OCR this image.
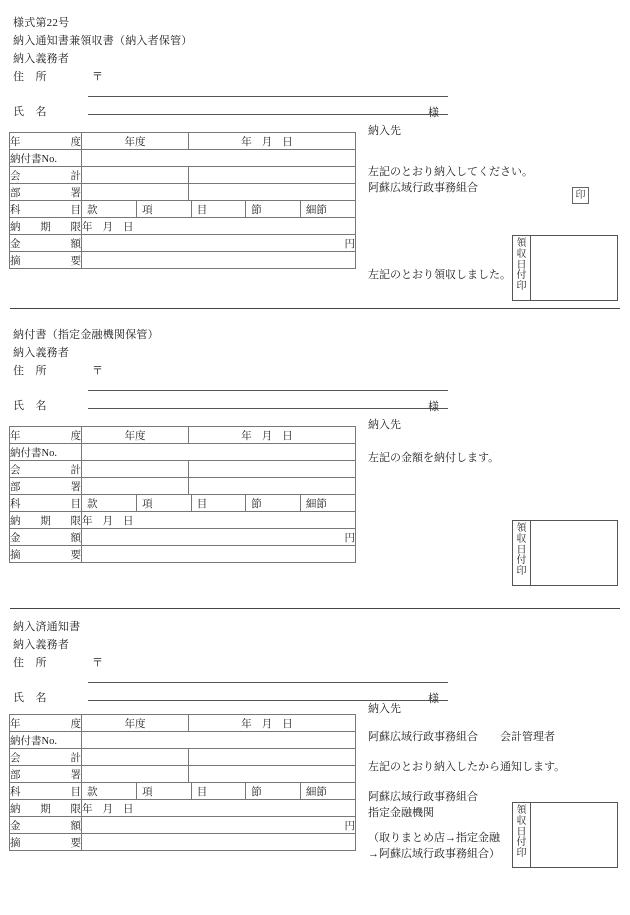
様式第22号
納入通知書兼領収書（納入者保管）
納入義務者
住　所	〒
氏　名	様
年　　度	年度	年 月 日
納付書No.	
会　　計		
部　　署		
科　　目	款	項	目	節	細節

納　期　限	年 月 日
金　　額	円
摘　　要	
納入先
左記のとおり納入してください。
阿蘇広域行政事務組合
印
左記のとおり領収しました。
領
収
日
付
印
納付書（指定金融機関保管）
納入義務者
住　所	〒
氏　名	様
年　　度	年度	年 月 日
納付書No.	
会　　計		
部　　署		
科　　目	款	項	目	節	細節

納　期　限	年 月 日
金　　額	円
摘　　要	
納入先
左記の金額を納付します。
領
収
日
付
印
納入済通知書
納入義務者
住　所	〒
氏　名	様
年　　度	年度	年 月 日
納付書No.	
会　　計		
部　　署		
科　　目	款	項	目	節	細節

納　期　限	年 月 日
金　　額	円
摘　　要	
納入先
阿蘇広域行政事務組合　　会計管理者
左記のとおり納入したから通知します。
阿蘇広域行政事務組合
指定金融機関
（取りまとめ店→指定金融
→阿蘇広域行政事務組合）
領
収
日
付
印
